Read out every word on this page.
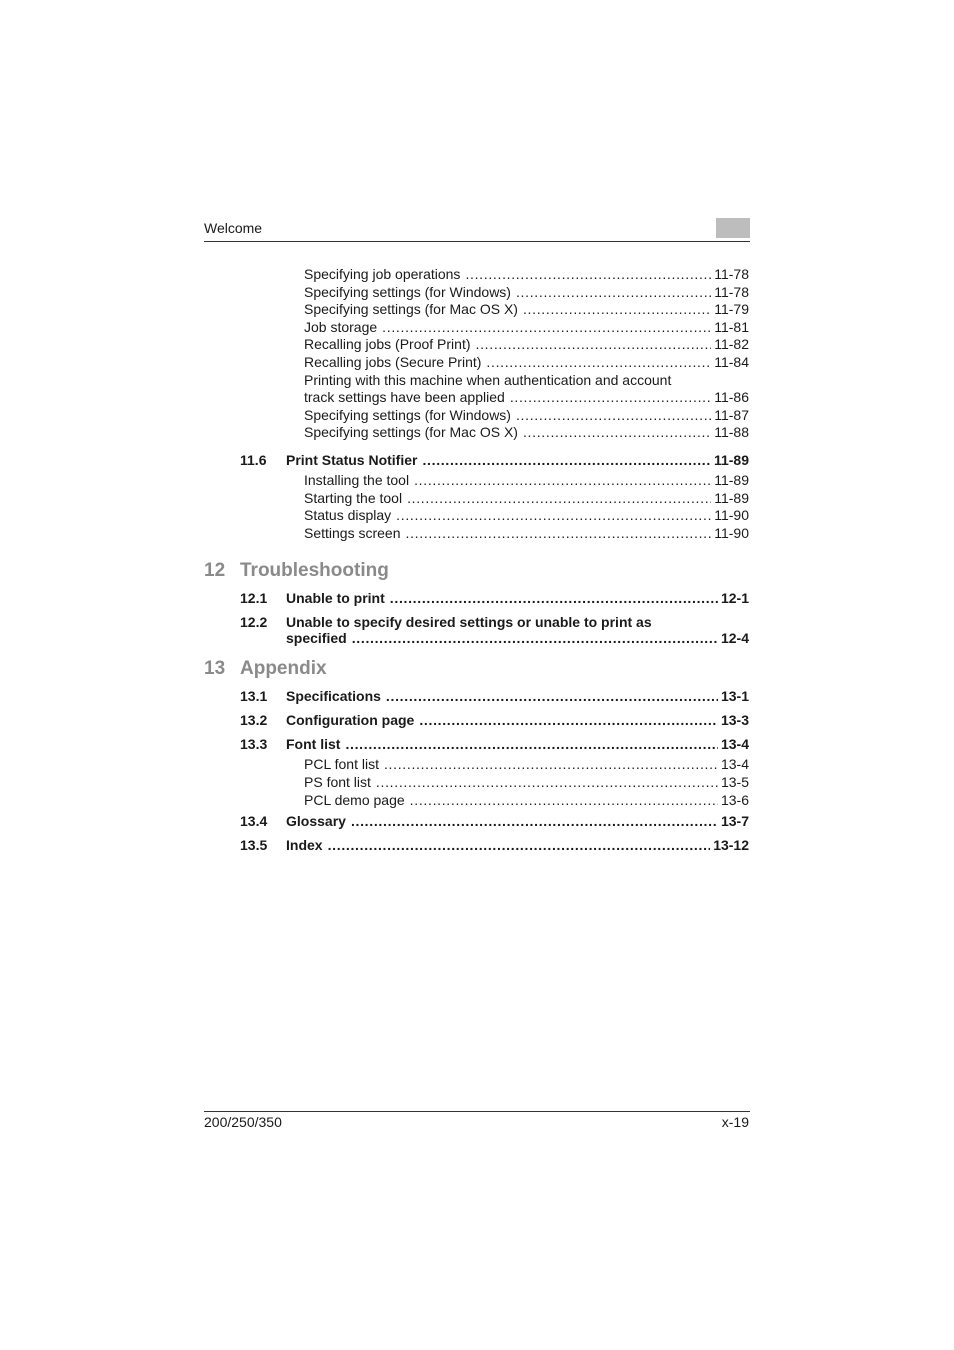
Welcome
Specifying job operations . . .	11-78
Specifying settings (for Windows) . . .	11-78
Specifying settings (for Mac OS X) . . .	11-79
Job storage . . .	11-81
Recalling jobs (Proof Print) . . .	11-82
Recalling jobs (Secure Print) . . .	11-84
Printing with this machine when authentication and account
track settings have been applied . . .	11-86
Specifying settings (for Windows) . . .	11-87
Specifying settings (for Mac OS X) . . .	11-88
11.6	Print Status Notifier . . .	11-89
Installing the tool . . .	11-89
Starting the tool . . .	11-89
Status display . . .	11-90
Settings screen . . .	11-90
12 Troubleshooting
12.1	Unable to print . . .	12-1
12.2	Unable to specify desired settings or unable to print as
specified . . .	12-4
13 Appendix
13.1	Specifications . . .	13-1
13.2	Configuration page . . .	13-3
13.3	Font list . . .	13-4
PCL font list . . .	13-4
PS font list . . .	13-5
PCL demo page . . .	13-6
13.4	Glossary . . .	13-7
13.5	Index . . .	13-12
200/250/350	x-19
